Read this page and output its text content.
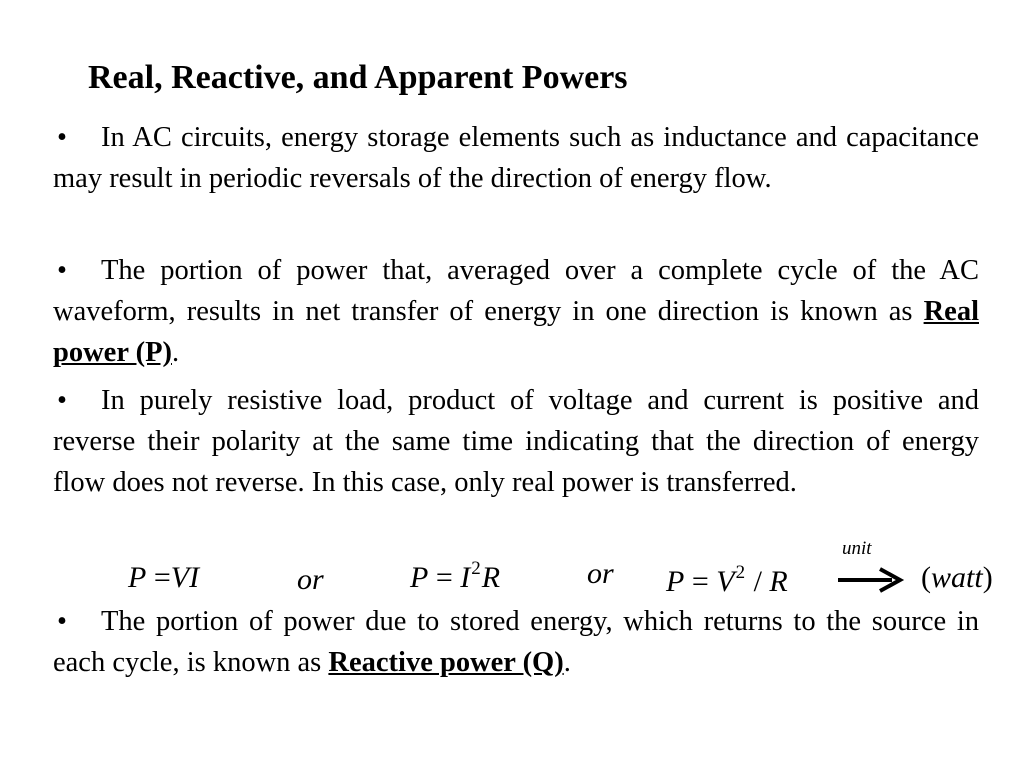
Real, Reactive, and Apparent Powers
•In AC circuits, energy storage elements such as inductance and capacitance may result in periodic reversals of the direction of energy flow.
•The portion of power that, averaged over a complete cycle of the AC waveform, results in net transfer of energy in one direction is known as Real power (P).
•In purely resistive load, product of voltage and current is positive and reverse their polarity at the same time indicating that the direction of energy flow does not reverse. In this case, only real power is transferred.
P =VI	or	$P = I^2R$	or $P = V^2 / R$
unit
(watt)
•The portion of power due to stored energy, which returns to the source in each cycle, is known as Reactive power (Q).
